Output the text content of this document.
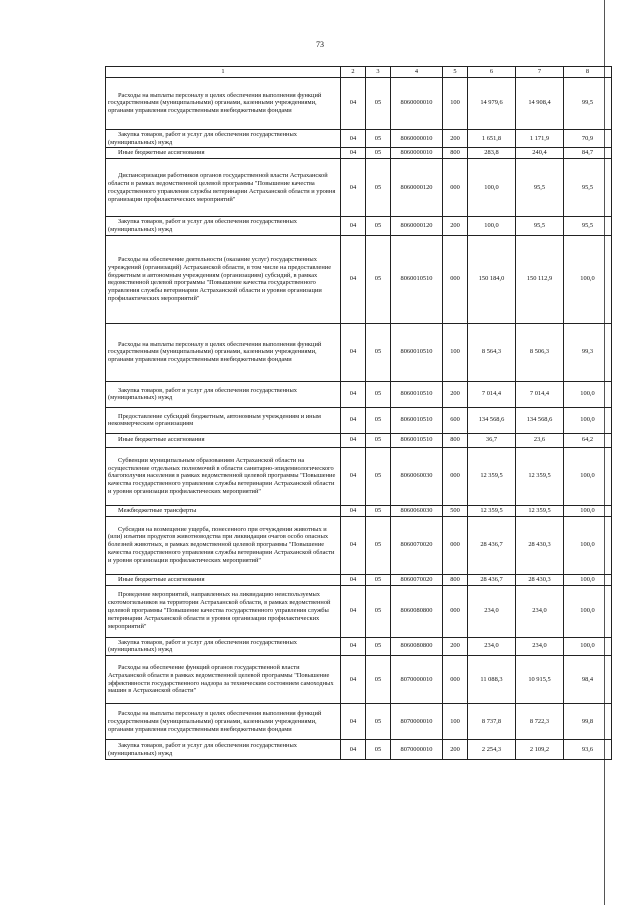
73
1	2	3	4	5	6	7	8
Расходы на выплаты персоналу в целях обеспечения выполнения функций государственными (муниципальными) органами, казенными учреждениями, органами управления государственными внебюджетными фондами	04	05	8060000010	100	14 979,6	14 908,4	99,5
Закупка товаров, работ и услуг для обеспечения государственных (муниципальных) нужд	04	05	8060000010	200	1 651,8	1 171,9	70,9
Иные бюджетные ассигнования	04	05	8060000010	800	283,8	240,4	84,7
Диспансеризация работников органов государственной власти Астраханской области в рамках ведомственной целевой программы "Повышение качества государственного управления службы ветеринарии Астраханской области и уровня организации профилактических мероприятий"	04	05	8060000120	000	100,0	95,5	95,5
Закупка товаров, работ и услуг для обеспечения государственных (муниципальных) нужд	04	05	8060000120	200	100,0	95,5	95,5
Расходы на обеспечение деятельности (оказание услуг) государственных учреждений (организаций) Астраханской области, в том числе на предоставление бюджетным и автономным учреждениям (организациям) субсидий, в рамках ведомственной целевой программы "Повышение качества государственного управления службы ветеринарии Астраханской области и уровня организации профилактических мероприятий"	04	05	8060010510	000	150 184,0	150 112,9	100,0
Расходы на выплаты персоналу в целях обеспечения выполнения функций государственными (муниципальными) органами, казенными учреждениями, органами управления государственными внебюджетными фондами	04	05	8060010510	100	8 564,3	8 506,3	99,3
Закупка товаров, работ и услуг для обеспечения государственных (муниципальных) нужд	04	05	8060010510	200	7 014,4	7 014,4	100,0
Предоставление субсидий бюджетным, автономным учреждениям и иным некоммерческим организациям	04	05	8060010510	600	134 568,6	134 568,6	100,0
Иные бюджетные ассигнования	04	05	8060010510	800	36,7	23,6	64,2
Субвенции муниципальным образованиям Астраханской области на осуществление отдельных полномочий в области санитарно-эпидемиологического благополучия населения в рамках ведомственной целевой программы "Повышение качества государственного управления службы ветеринарии Астраханской области и уровня организации профилактических мероприятий"	04	05	8060060030	000	12 359,5	12 359,5	100,0
Межбюджетные трансферты	04	05	8060060030	500	12 359,5	12 359,5	100,0
Субсидия на возмещение ущерба, понесенного при отчуждении животных и (или) изъятии продуктов животноводства при ликвидации очагов особо опасных болезней животных, в рамках ведомственной целевой программы "Повышение качества государственного управления службы ветеринарии Астраханской области и уровня организации профилактических мероприятий"	04	05	8060070020	000	28 436,7	28 430,3	100,0
Иные бюджетные ассигнования	04	05	8060070020	800	28 436,7	28 430,3	100,0
Проведение мероприятий, направленных на ликвидацию неиспользуемых скотомогильников на территории Астраханской области, в рамках ведомственной целевой программы "Повышение качества государственного управления службы ветеринарии Астраханской области и уровня организации профилактических мероприятий"	04	05	8060080800	000	234,0	234,0	100,0
Закупка товаров, работ и услуг для обеспечения государственных (муниципальных) нужд	04	05	8060080800	200	234,0	234,0	100,0
Расходы на обеспечение функций органов государственной власти Астраханской области в рамках ведомственной целевой программы "Повышение эффективности государственного надзора за техническим состоянием самоходных машин в Астраханской области"	04	05	8070000010	000	11 088,3	10 915,5	98,4
Расходы на выплаты персоналу в целях обеспечения выполнения функций государственными (муниципальными) органами, казенными учреждениями, органами управления государственными внебюджетными фондами	04	05	8070000010	100	8 737,8	8 722,3	99,8
Закупка товаров, работ и услуг для обеспечения государственных (муниципальных) нужд	04	05	8070000010	200	2 254,3	2 109,2	93,6
